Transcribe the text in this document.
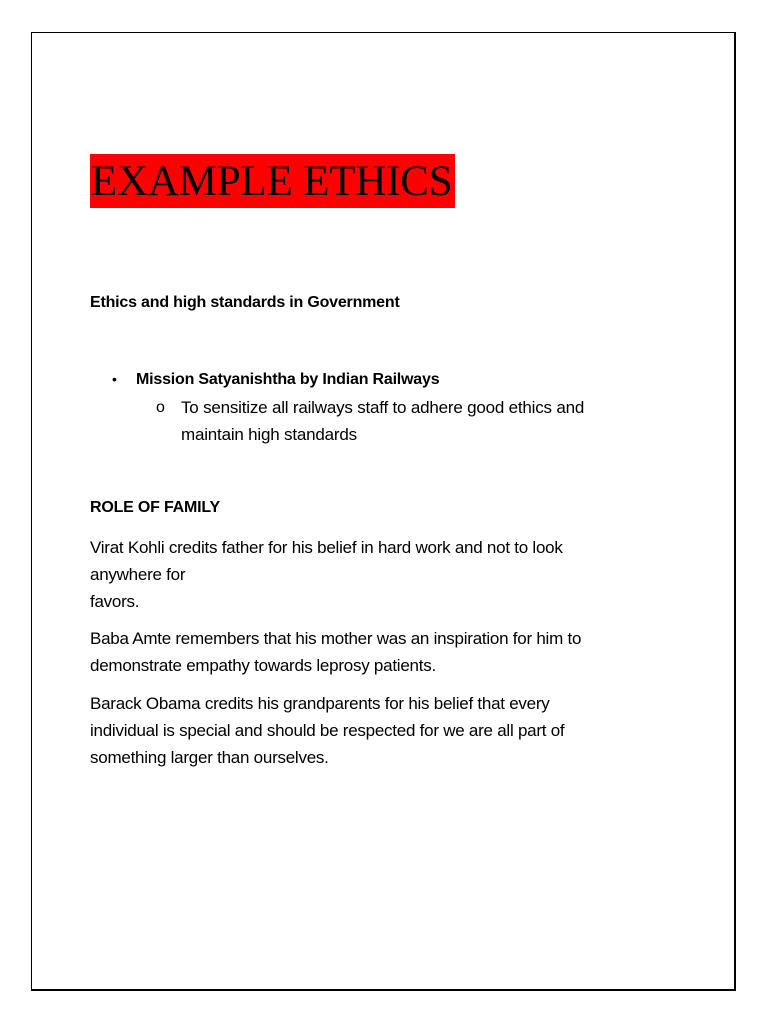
EXAMPLE ETHICS
Ethics and high standards in Government
• Mission Satyanishtha by Indian Railways
o To sensitize all railways staff to adhere good ethics and maintain high standards
ROLE OF FAMILY
Virat Kohli credits father for his belief in hard work and not to look
anywhere for
favors.
Baba Amte remembers that his mother was an inspiration for him to
demonstrate empathy towards leprosy patients.
Barack Obama credits his grandparents for his belief that every
individual is special and should be respected for we are all part of
something larger than ourselves.
